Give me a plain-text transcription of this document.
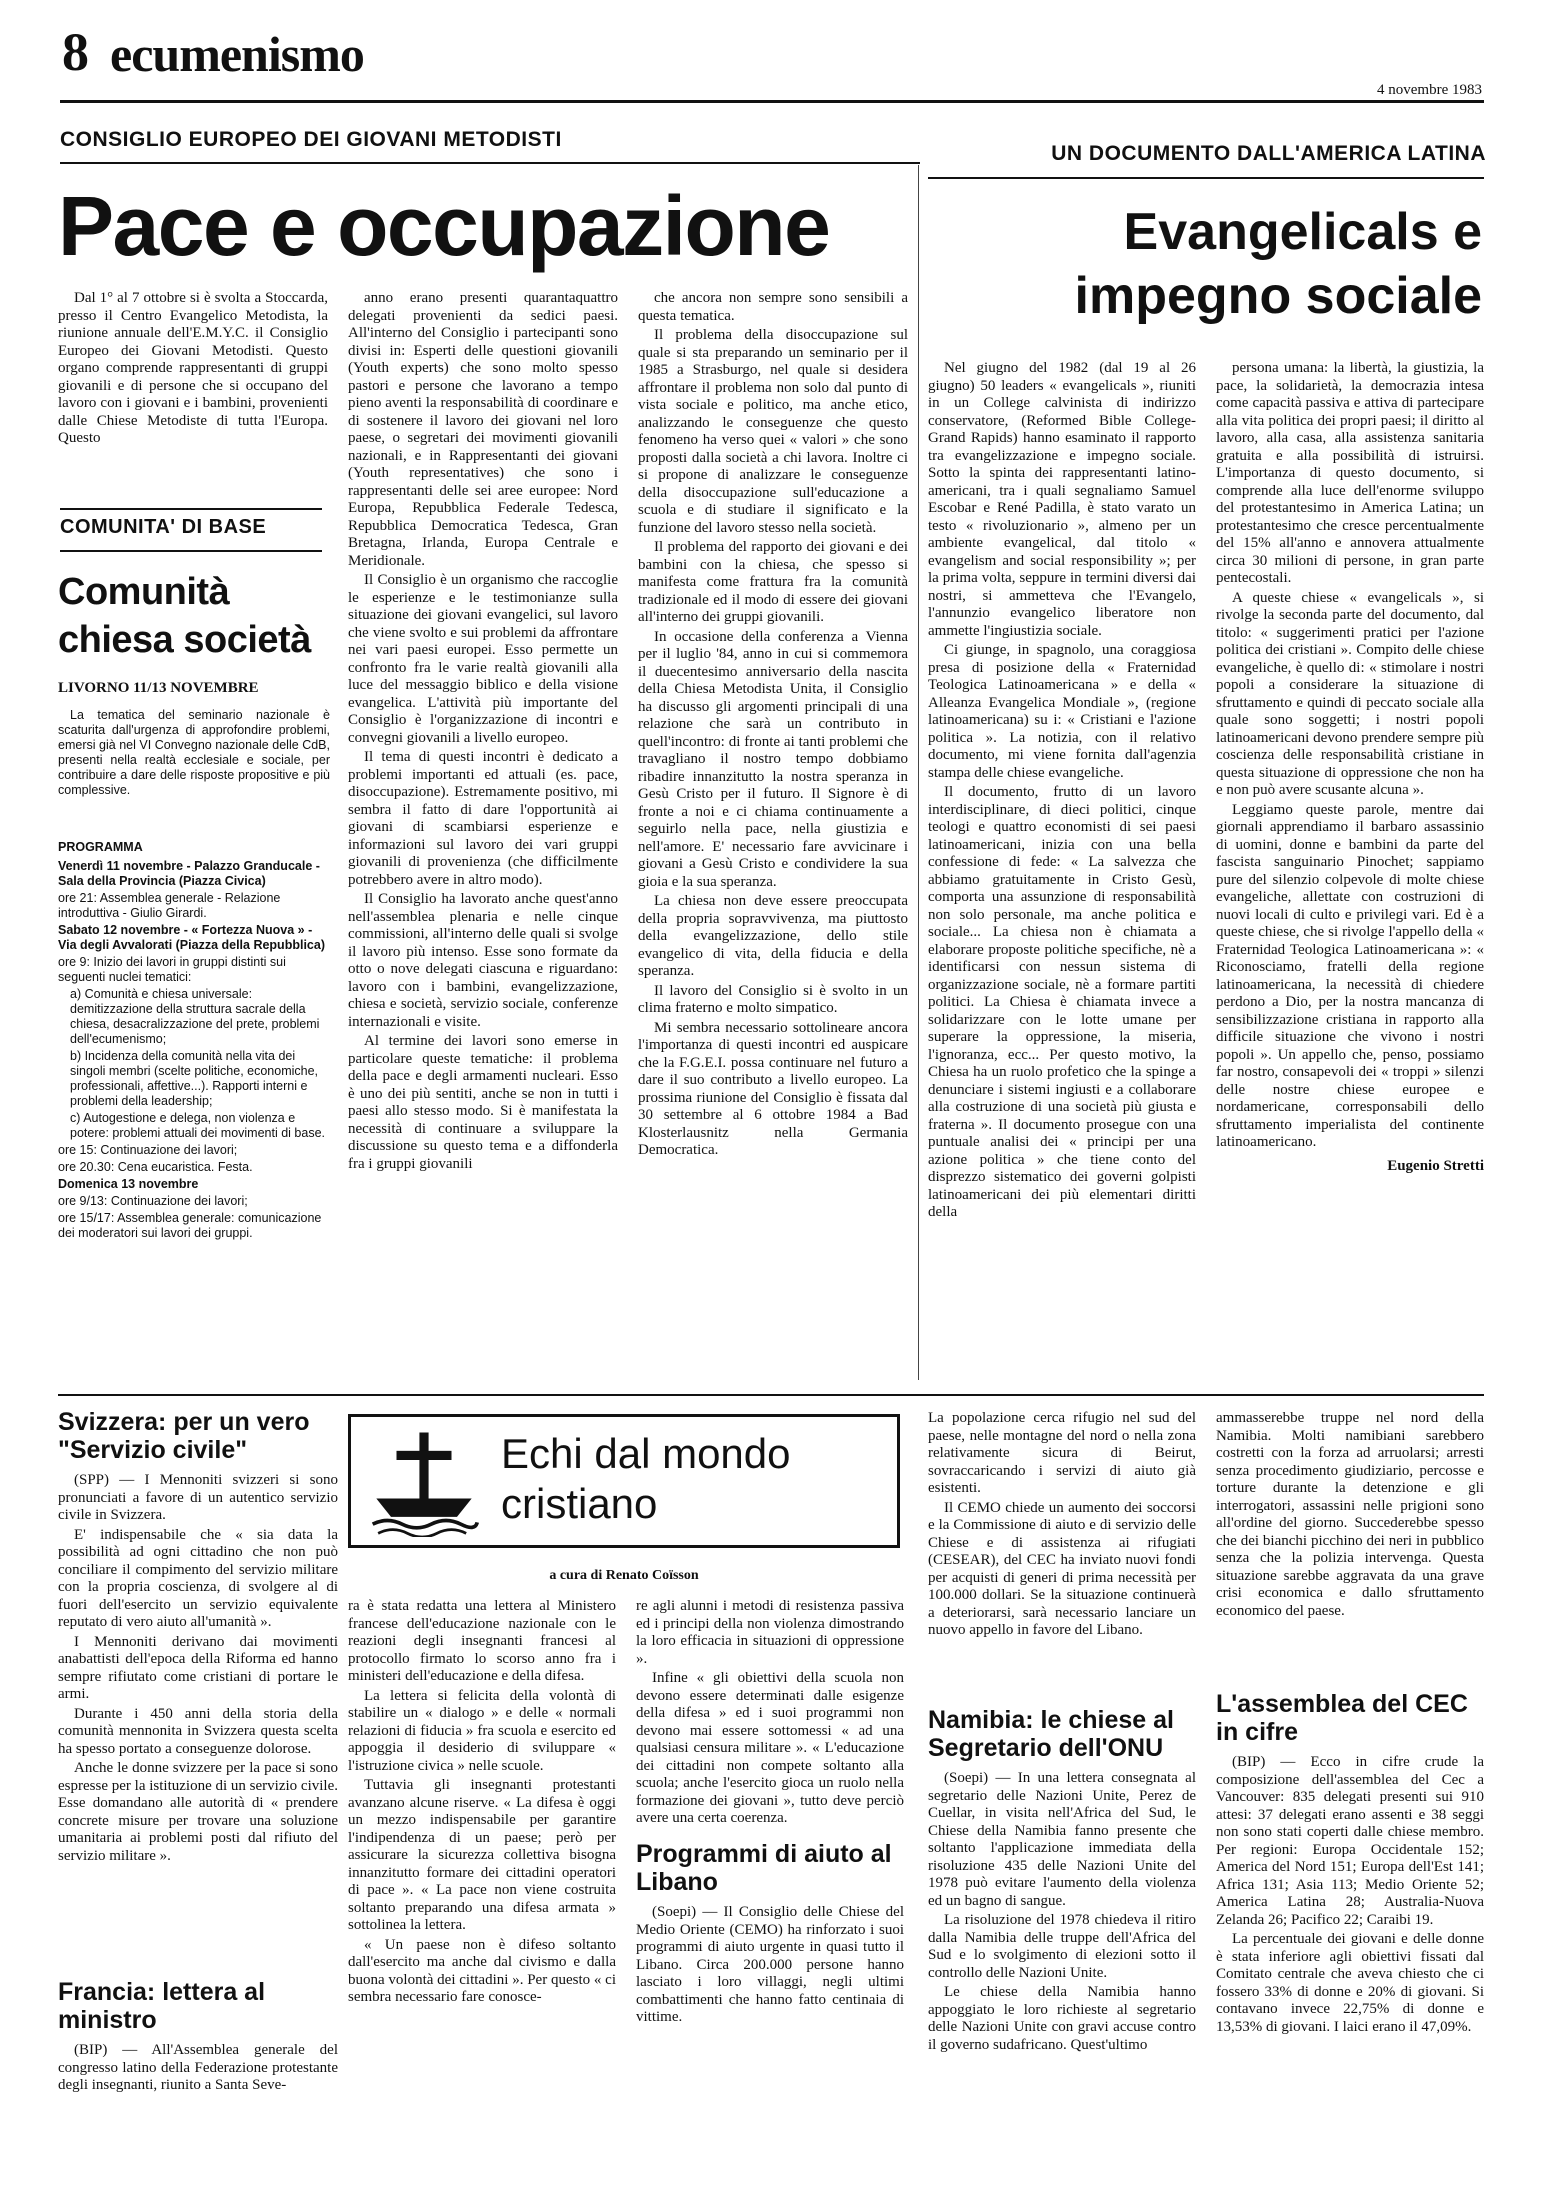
8 ecumenismo
4 novembre 1983
CONSIGLIO EUROPEO DEI GIOVANI METODISTI
UN DOCUMENTO DALL'AMERICA LATINA
Pace e occupazione	Evangelicals e
impegno sociale

Dal 1° al 7 ottobre si è svolta a Stoccarda, presso il Centro Evangelico Metodista, la riunione annuale dell'E.M.Y.C. il Consiglio Europeo dei Giovani Metodisti. Questo organo comprende rappresentanti di gruppi giovanili e di persone che si occupano del lavoro con i giovani e i bambini, provenienti dalle Chiese Metodiste di tutta l'Europa. Questo

anno erano presenti quarantaquattro delegati provenienti da sedici paesi. All'interno del Consiglio i partecipanti sono divisi in: Esperti delle questioni giovanili (Youth experts) che sono molto spesso pastori e persone che lavorano a tempo pieno aventi la responsabilità di coordinare e di sostenere il lavoro dei giovani nel loro paese, o segretari dei movimenti giovanili nazionali, e in Rappresentanti dei giovani (Youth representatives) che sono i rappresentanti delle sei aree europee: Nord Europa, Repubblica Federale Tedesca, Repubblica Democratica Tedesca, Gran Bretagna, Irlanda, Europa Centrale e Meridionale.

Il Consiglio è un organismo che raccoglie le esperienze e le testimonianze sulla situazione dei giovani evangelici, sul lavoro che viene svolto e sui problemi da affrontare nei vari paesi europei. Esso permette un confronto fra le varie realtà giovanili alla luce del messaggio biblico e della visione evangelica. L'attività più importante del Consiglio è l'organizzazione di incontri e convegni giovanili a livello europeo.

Il tema di questi incontri è dedicato a problemi importanti ed attuali (es. pace, disoccupazione). Estremamente positivo, mi sembra il fatto di dare l'opportunità ai giovani di scambiarsi esperienze e informazioni sul lavoro dei vari gruppi giovanili di provenienza (che difficilmente potrebbero avere in altro modo).

Il Consiglio ha lavorato anche quest'anno nell'assemblea plenaria e nelle cinque commissioni, all'interno delle quali si svolge il lavoro più intenso. Esse sono formate da otto o nove delegati ciascuna e riguardano: lavoro con i bambini, evangelizzazione, chiesa e società, servizio sociale, conferenze internazionali e visite.

Al termine dei lavori sono emerse in particolare queste tematiche: il problema della pace e degli armamenti nucleari. Esso è uno dei più sentiti, anche se non in tutti i paesi allo stesso modo. Si è manifestata la necessità di continuare a sviluppare la discussione su questo tema e a diffonderla fra i gruppi giovanili

che ancora non sempre sono sensibili a questa tematica.

Il problema della disoccupazione sul quale si sta preparando un seminario per il 1985 a Strasburgo, nel quale si desidera affrontare il problema non solo dal punto di vista sociale e politico, ma anche etico, analizzando le conseguenze che questo fenomeno ha verso quei « valori » che sono proposti dalla società a chi lavora. Inoltre ci si propone di analizzare le conseguenze della disoccupazione sull'educazione a scuola e di studiare il significato e la funzione del lavoro stesso nella società.

Il problema del rapporto dei giovani e dei bambini con la chiesa, che spesso si manifesta come frattura fra la comunità tradizionale ed il modo di essere dei giovani all'interno dei gruppi giovanili.

In occasione della conferenza a Vienna per il luglio '84, anno in cui si commemora il duecentesimo anniversario della nascita della Chiesa Metodista Unita, il Consiglio ha discusso gli argomenti principali di una relazione che sarà un contributo in quell'incontro: di fronte ai tanti problemi che travagliano il nostro tempo dobbiamo ribadire innanzitutto la nostra speranza in Gesù Cristo per il futuro. Il Signore è di fronte a noi e ci chiama continuamente a seguirlo nella pace, nella giustizia e nell'amore. E' necessario fare avvicinare i giovani a Gesù Cristo e condividere la sua gioia e la sua speranza.

La chiesa non deve essere preoccupata della propria sopravvivenza, ma piuttosto della evangelizzazione, dello stile evangelico di vita, della fiducia e della speranza.

Il lavoro del Consiglio si è svolto in un clima fraterno e molto simpatico.

Mi sembra necessario sottolineare ancora l'importanza di questi incontri ed auspicare che la F.G.E.I. possa continuare nel futuro a dare il suo contributo a livello europeo. La prossima riunione del Consiglio è fissata dal 30 settembre al 6 ottobre 1984 a Bad Klosterlausnitz nella Germania Democratica.

COMUNITA' DI BASE
Comunità
chiesa società
LIVORNO 11/13 NOVEMBRE

La tematica del seminario nazionale è scaturita dall'urgenza di approfondire problemi, emersi già nel VI Convegno nazionale delle CdB, presenti nella realtà ecclesiale e sociale, per contribuire a dare delle risposte propositive e più complessive.

PROGRAMMA
Venerdì 11 novembre - Palazzo Granducale - Sala della Provincia (Piazza Civica)
ore 21: Assemblea generale - Relazione introduttiva - Giulio Girardi.
Sabato 12 novembre - « Fortezza Nuova » - Via degli Avvalorati (Piazza della Repubblica)
ore 9: Inizio dei lavori in gruppi distinti sui seguenti nuclei tematici:
a) Comunità e chiesa universale: demitizzazione della struttura sacrale della chiesa, desacralizzazione del prete, problemi dell'ecumenismo;
b) Incidenza della comunità nella vita dei singoli membri (scelte politiche, economiche, professionali, affettive...). Rapporti interni e problemi della leadership;
c) Autogestione e delega, non violenza e potere: problemi attuali dei movimenti di base.
ore 15: Continuazione dei lavori;
ore 20.30: Cena eucaristica. Festa.
Domenica 13 novembre
ore 9/13: Continuazione dei lavori;
ore 15/17: Assemblea generale: comunicazione dei moderatori sui lavori dei gruppi.

Nel giugno del 1982 (dal 19 al 26 giugno) 50 leaders « evangelicals », riuniti in un College calvinista di indirizzo conservatore, (Reformed Bible College-Grand Rapids) hanno esaminato il rapporto tra evangelizzazione e impegno sociale. Sotto la spinta dei rappresentanti latino-americani, tra i quali segnaliamo Samuel Escobar e René Padilla, è stato varato un testo « rivoluzionario », almeno per un ambiente evangelical, dal titolo « evangelism and social responsibility »; per la prima volta, seppure in termini diversi dai nostri, si ammetteva che l'Evangelo, l'annunzio evangelico liberatore non ammette l'ingiustizia sociale.

Ci giunge, in spagnolo, una coraggiosa presa di posizione della « Fraternidad Teologica Latinoamericana » e della « Alleanza Evangelica Mondiale », (regione latinoamericana) su i: « Cristiani e l'azione politica ». La notizia, con il relativo documento, mi viene fornita dall'agenzia stampa delle chiese evangeliche.

Il documento, frutto di un lavoro interdisciplinare, di dieci politici, cinque teologi e quattro economisti di sei paesi latinoamericani, inizia con una bella confessione di fede: « La salvezza che abbiamo gratuitamente in Cristo Gesù, comporta una assunzione di responsabilità non solo personale, ma anche politica e sociale... La chiesa non è chiamata a elaborare proposte politiche specifiche, nè a identificarsi con nessun sistema di organizzazione sociale, nè a formare partiti politici. La Chiesa è chiamata invece a solidarizzare con le lotte umane per superare la oppressione, la miseria, l'ignoranza, ecc... Per questo motivo, la Chiesa ha un ruolo profetico che la spinge a denunciare i sistemi ingiusti e a collaborare alla costruzione di una società più giusta e fraterna ». Il documento prosegue con una puntuale analisi dei « principi per una azione politica » che tiene conto del disprezzo sistematico dei governi golpisti latinoamericani dei più elementari diritti della

persona umana: la libertà, la giustizia, la pace, la solidarietà, la democrazia intesa come capacità passiva e attiva di partecipare alla vita politica dei propri paesi; il diritto al lavoro, alla casa, alla assistenza sanitaria gratuita e alla possibilità di istruirsi. L'importanza di questo documento, si comprende alla luce dell'enorme sviluppo del protestantesimo in America Latina; un protestantesimo che cresce percentualmente del 15% all'anno e annovera attualmente circa 30 milioni di persone, in gran parte pentecostali.

A queste chiese « evangelicals », si rivolge la seconda parte del documento, dal titolo: « suggerimenti pratici per l'azione politica dei cristiani ». Compito delle chiese evangeliche, è quello di: « stimolare i nostri popoli a considerare la situazione di sfruttamento e quindi di peccato sociale alla quale sono soggetti; i nostri popoli latinoamericani devono prendere sempre più coscienza delle responsabilità cristiane in questa situazione di oppressione che non ha e non può avere scusante alcuna ».

Leggiamo queste parole, mentre dai giornali apprendiamo il barbaro assassinio di uomini, donne e bambini da parte del fascista sanguinario Pinochet; sappiamo pure del silenzio colpevole di molte chiese evangeliche, allettate con costruzioni di nuovi locali di culto e privilegi vari. Ed è a queste chiese, che si rivolge l'appello della « Fraternidad Teologica Latinoamericana »: « Riconosciamo, fratelli della regione latinoamericana, la necessità di chiedere perdono a Dio, per la nostra mancanza di sensibilizzazione cristiana in rapporto alla difficile situazione che vivono i nostri popoli ». Un appello che, penso, possiamo far nostro, consapevoli dei « troppi » silenzi delle nostre chiese europee e nordamericane, corresponsabili dello sfruttamento imperialista del continente latinoamericano.

Eugenio Stretti
Svizzera: per un vero "Servizio civile"

(SPP) — I Mennoniti svizzeri si sono pronunciati a favore di un autentico servizio civile in Svizzera.

E' indispensabile che « sia data la possibilità ad ogni cittadino che non può conciliare il compimento del servizio militare con la propria coscienza, di svolgere al di fuori dell'esercito un servizio equivalente reputato di vero aiuto all'umanità ».

I Mennoniti derivano dai movimenti anabattisti dell'epoca della Riforma ed hanno sempre rifiutato come cristiani di portare le armi.

Durante i 450 anni della storia della comunità mennonita in Svizzera questa scelta ha spesso portato a conseguenze dolorose.

Anche le donne svizzere per la pace si sono espresse per la istituzione di un servizio civile. Esse domandano alle autorità di « prendere concrete misure per trovare una soluzione umanitaria ai problemi posti dal rifiuto del servizio militare ».

Francia: lettera al ministro

(BIP) — All'Assemblea generale del congresso latino della Federazione protestante degli insegnanti, riunito a Santa Seve-

Echi dal mondo
cristiano
a cura di Renato Coïsson

ra è stata redatta una lettera al Ministero francese dell'educazione nazionale con le reazioni degli insegnanti francesi al protocollo firmato lo scorso anno fra i ministeri dell'educazione e della difesa.

La lettera si felicita della volontà di stabilire un « dialogo » e delle « normali relazioni di fiducia » fra scuola e esercito ed appoggia il desiderio di sviluppare « l'istruzione civica » nelle scuole.

Tuttavia gli insegnanti protestanti avanzano alcune riserve. « La difesa è oggi un mezzo indispensabile per garantire l'indipendenza di un paese; però per assicurare la sicurezza collettiva bisogna innanzitutto formare dei cittadini operatori di pace ». « La pace non viene costruita soltanto preparando una difesa armata » sottolinea la lettera.

« Un paese non è difeso soltanto dall'esercito ma anche dal civismo e dalla buona volontà dei cittadini ». Per questo « ci sembra necessario fare conosce-

re agli alunni i metodi di resistenza passiva ed i principi della non violenza dimostrando la loro efficacia in situazioni di oppressione ».

Infine « gli obiettivi della scuola non devono essere determinati dalle esigenze della difesa » ed i suoi programmi non devono mai essere sottomessi « ad una qualsiasi censura militare ». « L'educazione dei cittadini non compete soltanto alla scuola; anche l'esercito gioca un ruolo nella formazione dei giovani », tutto deve perciò avere una certa coerenza.

Programmi di aiuto al Libano

(Soepi) — Il Consiglio delle Chiese del Medio Oriente (CEMO) ha rinforzato i suoi programmi di aiuto urgente in quasi tutto il Libano. Circa 200.000 persone hanno lasciato i loro villaggi, negli ultimi combattimenti che hanno fatto centinaia di vittime.

La popolazione cerca rifugio nel sud del paese, nelle montagne del nord o nella zona relativamente sicura di Beirut, sovraccaricando i servizi di aiuto già esistenti.

Il CEMO chiede un aumento dei soccorsi e la Commissione di aiuto e di servizio delle Chiese e di assistenza ai rifugiati (CESEAR), del CEC ha inviato nuovi fondi per acquisti di generi di prima necessità per 100.000 dollari. Se la situazione continuerà a deteriorarsi, sarà necessario lanciare un nuovo appello in favore del Libano.

Namibia: le chiese al Segretario dell'ONU

(Soepi) — In una lettera consegnata al segretario delle Nazioni Unite, Perez de Cuellar, in visita nell'Africa del Sud, le Chiese della Namibia fanno presente che soltanto l'applicazione immediata della risoluzione 435 delle Nazioni Unite del 1978 può evitare l'aumento della violenza ed un bagno di sangue.

La risoluzione del 1978 chiedeva il ritiro dalla Namibia delle truppe dell'Africa del Sud e lo svolgimento di elezioni sotto il controllo delle Nazioni Unite.

Le chiese della Namibia hanno appoggiato le loro richieste al segretario delle Nazioni Unite con gravi accuse contro il governo sudafricano. Quest'ultimo

ammasserebbe truppe nel nord della Namibia. Molti namibiani sarebbero costretti con la forza ad arruolarsi; arresti senza procedimento giudiziario, percosse e torture durante la detenzione e gli interrogatori, assassini nelle prigioni sono all'ordine del giorno. Succederebbe spesso che dei bianchi picchino dei neri in pubblico senza che la polizia intervenga. Questa situazione sarebbe aggravata da una grave crisi economica e dallo sfruttamento economico del paese.

L'assemblea del CEC in cifre

(BIP) — Ecco in cifre crude la composizione dell'assemblea del Cec a Vancouver: 835 delegati presenti sui 910 attesi: 37 delegati erano assenti e 38 seggi non sono stati coperti dalle chiese membro. Per regioni: Europa Occidentale 152; America del Nord 151; Europa dell'Est 141; Africa 131; Asia 113; Medio Oriente 52; America Latina 28; Australia-Nuova Zelanda 26; Pacifico 22; Caraibi 19.

La percentuale dei giovani e delle donne è stata inferiore agli obiettivi fissati dal Comitato centrale che aveva chiesto che ci fossero 33% di donne e 20% di giovani. Si contavano invece 22,75% di donne e 13,53% di giovani. I laici erano il 47,09%.
